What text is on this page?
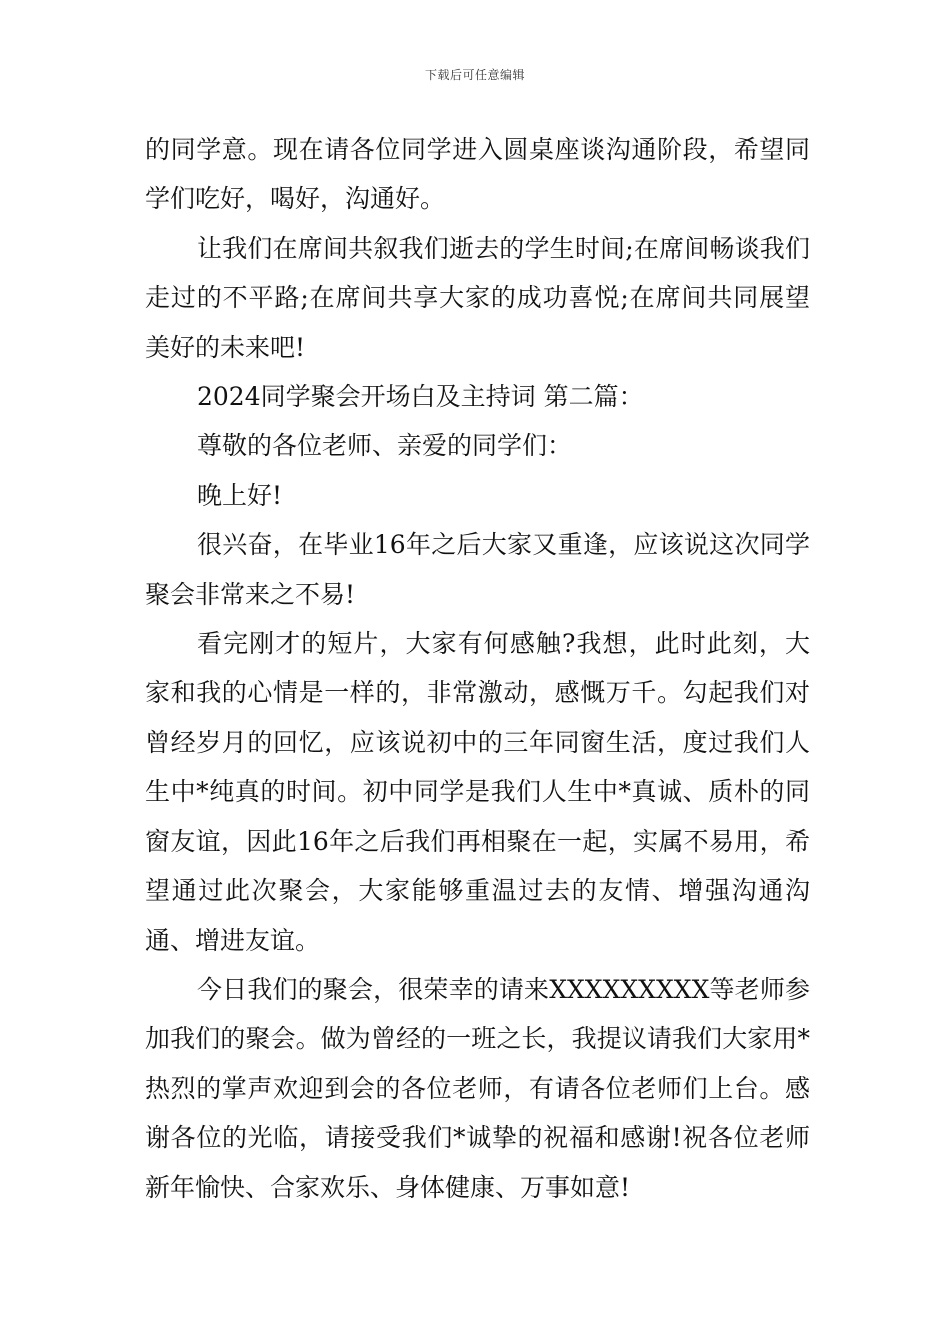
下载后可任意编辑

的同学意。现在请各位同学进入圆桌座谈沟通阶段，希望同学们吃好，喝好，沟通好。

让我们在席间共叙我们逝去的学生时间;在席间畅谈我们走过的不平路;在席间共享大家的成功喜悦;在席间共同展望美好的未来吧!

2024同学聚会开场白及主持词 第二篇：

尊敬的各位老师、亲爱的同学们：

晚上好!

很兴奋，在毕业16年之后大家又重逢，应该说这次同学聚会非常来之不易!

看完刚才的短片，大家有何感触?我想，此时此刻，大家和我的心情是一样的，非常激动，感慨万千。勾起我们对曾经岁月的回忆，应该说初中的三年同窗生活，度过我们人生中*纯真的时间。初中同学是我们人生中*真诚、质朴的同窗友谊，因此16年之后我们再相聚在一起，实属不易用，希望通过此次聚会，大家能够重温过去的友情、增强沟通沟通、增进友谊。

今日我们的聚会，很荣幸的请来XXXXXXXXX等老师参加我们的聚会。做为曾经的一班之长，我提议请我们大家用*热烈的掌声欢迎到会的各位老师，有请各位老师们上台。感谢各位的光临，请接受我们*诚挚的祝福和感谢!祝各位老师新年愉快、合家欢乐、身体健康、万事如意!
